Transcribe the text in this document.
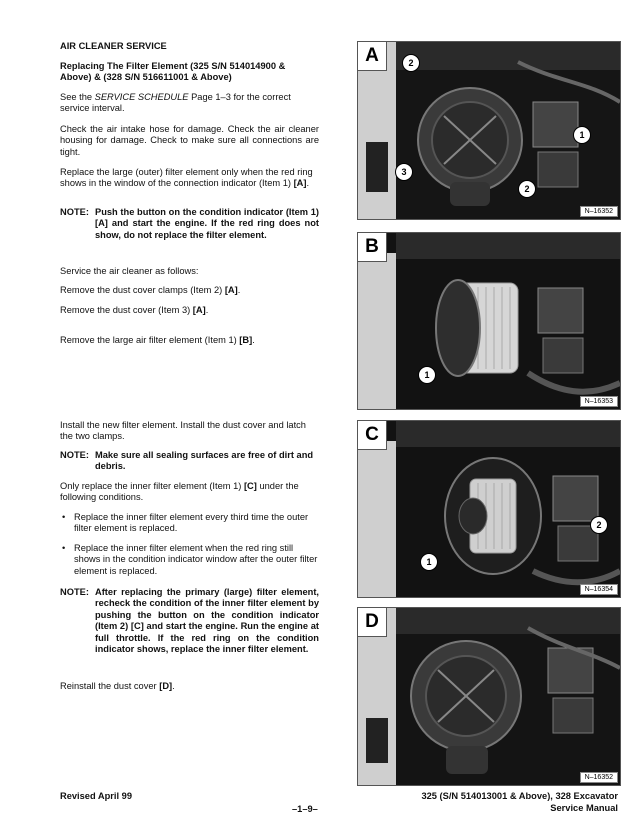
AIR CLEANER SERVICE
Replacing The Filter Element (325 S/N 514014900 & Above) & (328 S/N 516611001 & Above)
See the SERVICE SCHEDULE Page 1–3 for the correct service interval.
Check the air intake hose for damage. Check the air cleaner housing for damage. Check to make sure all connections are tight.
Replace the large (outer) filter element only when the red ring shows in the window of the connection indicator (Item 1) [A].
NOTE: Push the button on the condition indicator (Item 1) [A] and start the engine. If the red ring does not show, do not replace the filter element.
Service the air cleaner as follows:
Remove the dust cover clamps (Item 2) [A].
Remove the dust cover (Item 3) [A].
Remove the large air filter element (Item 1) [B].
Install the new filter element. Install the dust cover and latch the two clamps.
NOTE: Make sure all sealing surfaces are free of dirt and debris.
Only replace the inner filter element (Item 1) [C] under the following conditions.
• Replace the inner filter element every third time the outer filter element is replaced.
• Replace the inner filter element when the red ring still shows in the condition indicator window after the outer filter element is replaced.
NOTE: After replacing the primary (large) filter element, recheck the condition of the inner filter element by pushing the button on the condition indicator (Item 2) [C] and start the engine. Run the engine at full throttle. If the red ring on the condition indicator shows, replace the inner filter element.
Reinstall the dust cover [D].
A	2
1
3
2
N–16352
B
1
N–16353
C
1
2
N–16354
D
N–16352
Revised April 99
–1–9–
325 (S/N 514013001 & Above), 328 Excavator
Service Manual
